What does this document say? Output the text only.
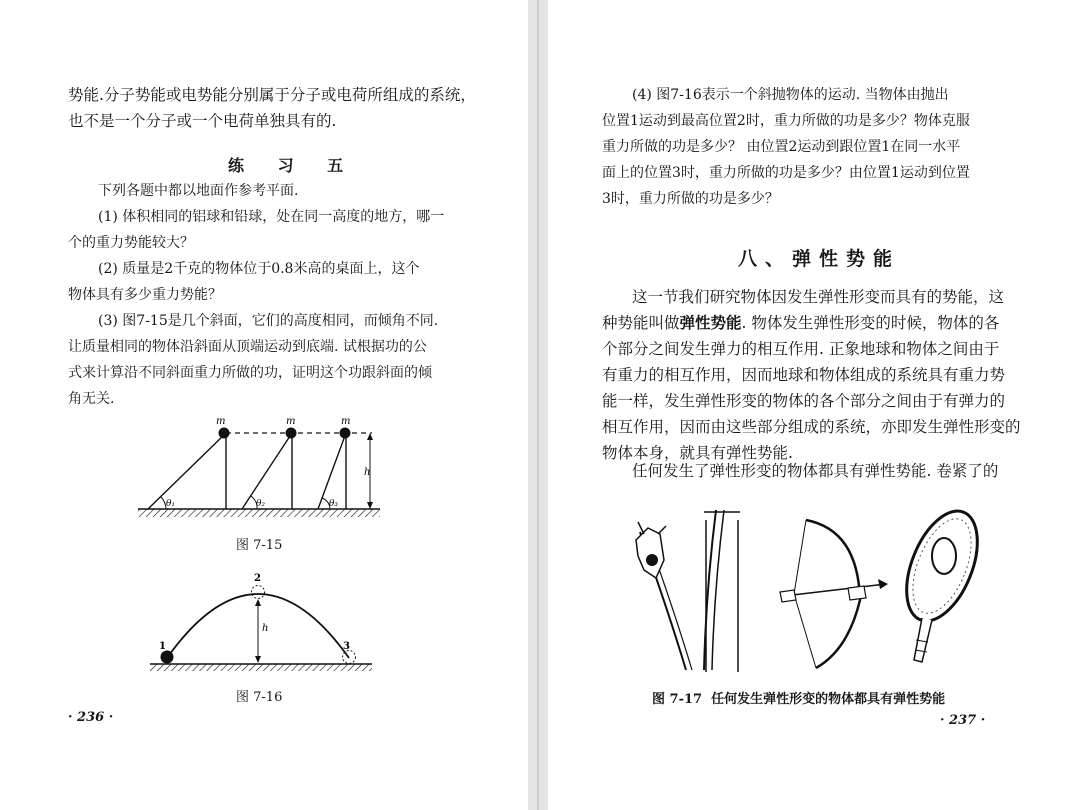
势能.分子势能或电势能分别属于分子或电荷所组成的系统，
也不是一个分子或一个电荷单独具有的.
练 习 五
下列各题中都以地面作参考平面.
(1) 体积相同的铝球和铅球，处在同一高度的地方，哪一
个的重力势能较大？
(2) 质量是2千克的物体位于0.8米高的桌面上，这个
物体具有多少重力势能？
(3) 图7-15是几个斜面，它们的高度相同，而倾角不同.
让质量相同的物体沿斜面从顶端运动到底端. 试根据功的公
式来计算沿不同斜面重力所做的功，证明这个功跟斜面的倾
角无关.
m	m	m
h
θ₁	θ₂	θ₃
图 7-15
h
1
2
3
图 7-16
· 236 ·
(4) 图7-16表示一个斜抛物体的运动. 当物体由抛出
位置1运动到最高位置2时，重力所做的功是多少？物体克服
重力所做的功是多少？ 由位置2运动到跟位置1在同一水平
面上的位置3时，重力所做的功是多少？由位置1运动到位置
3时，重力所做的功是多少？
八、弹性势能
这一节我们研究物体因发生弹性形变而具有的势能，这
种势能叫做弹性势能. 物体发生弹性形变的时候，物体的各
个部分之间发生弹力的相互作用. 正象地球和物体之间由于
有重力的相互作用，因而地球和物体组成的系统具有重力势
能一样，发生弹性形变的物体的各个部分之间由于有弹力的
相互作用，因而由这些部分组成的系统，亦即发生弹性形变的
物体本身，就具有弹性势能.
任何发生了弹性形变的物体都具有弹性势能. 卷紧了的
图 7-17 任何发生弹性形变的物体都具有弹性势能
· 237 ·
